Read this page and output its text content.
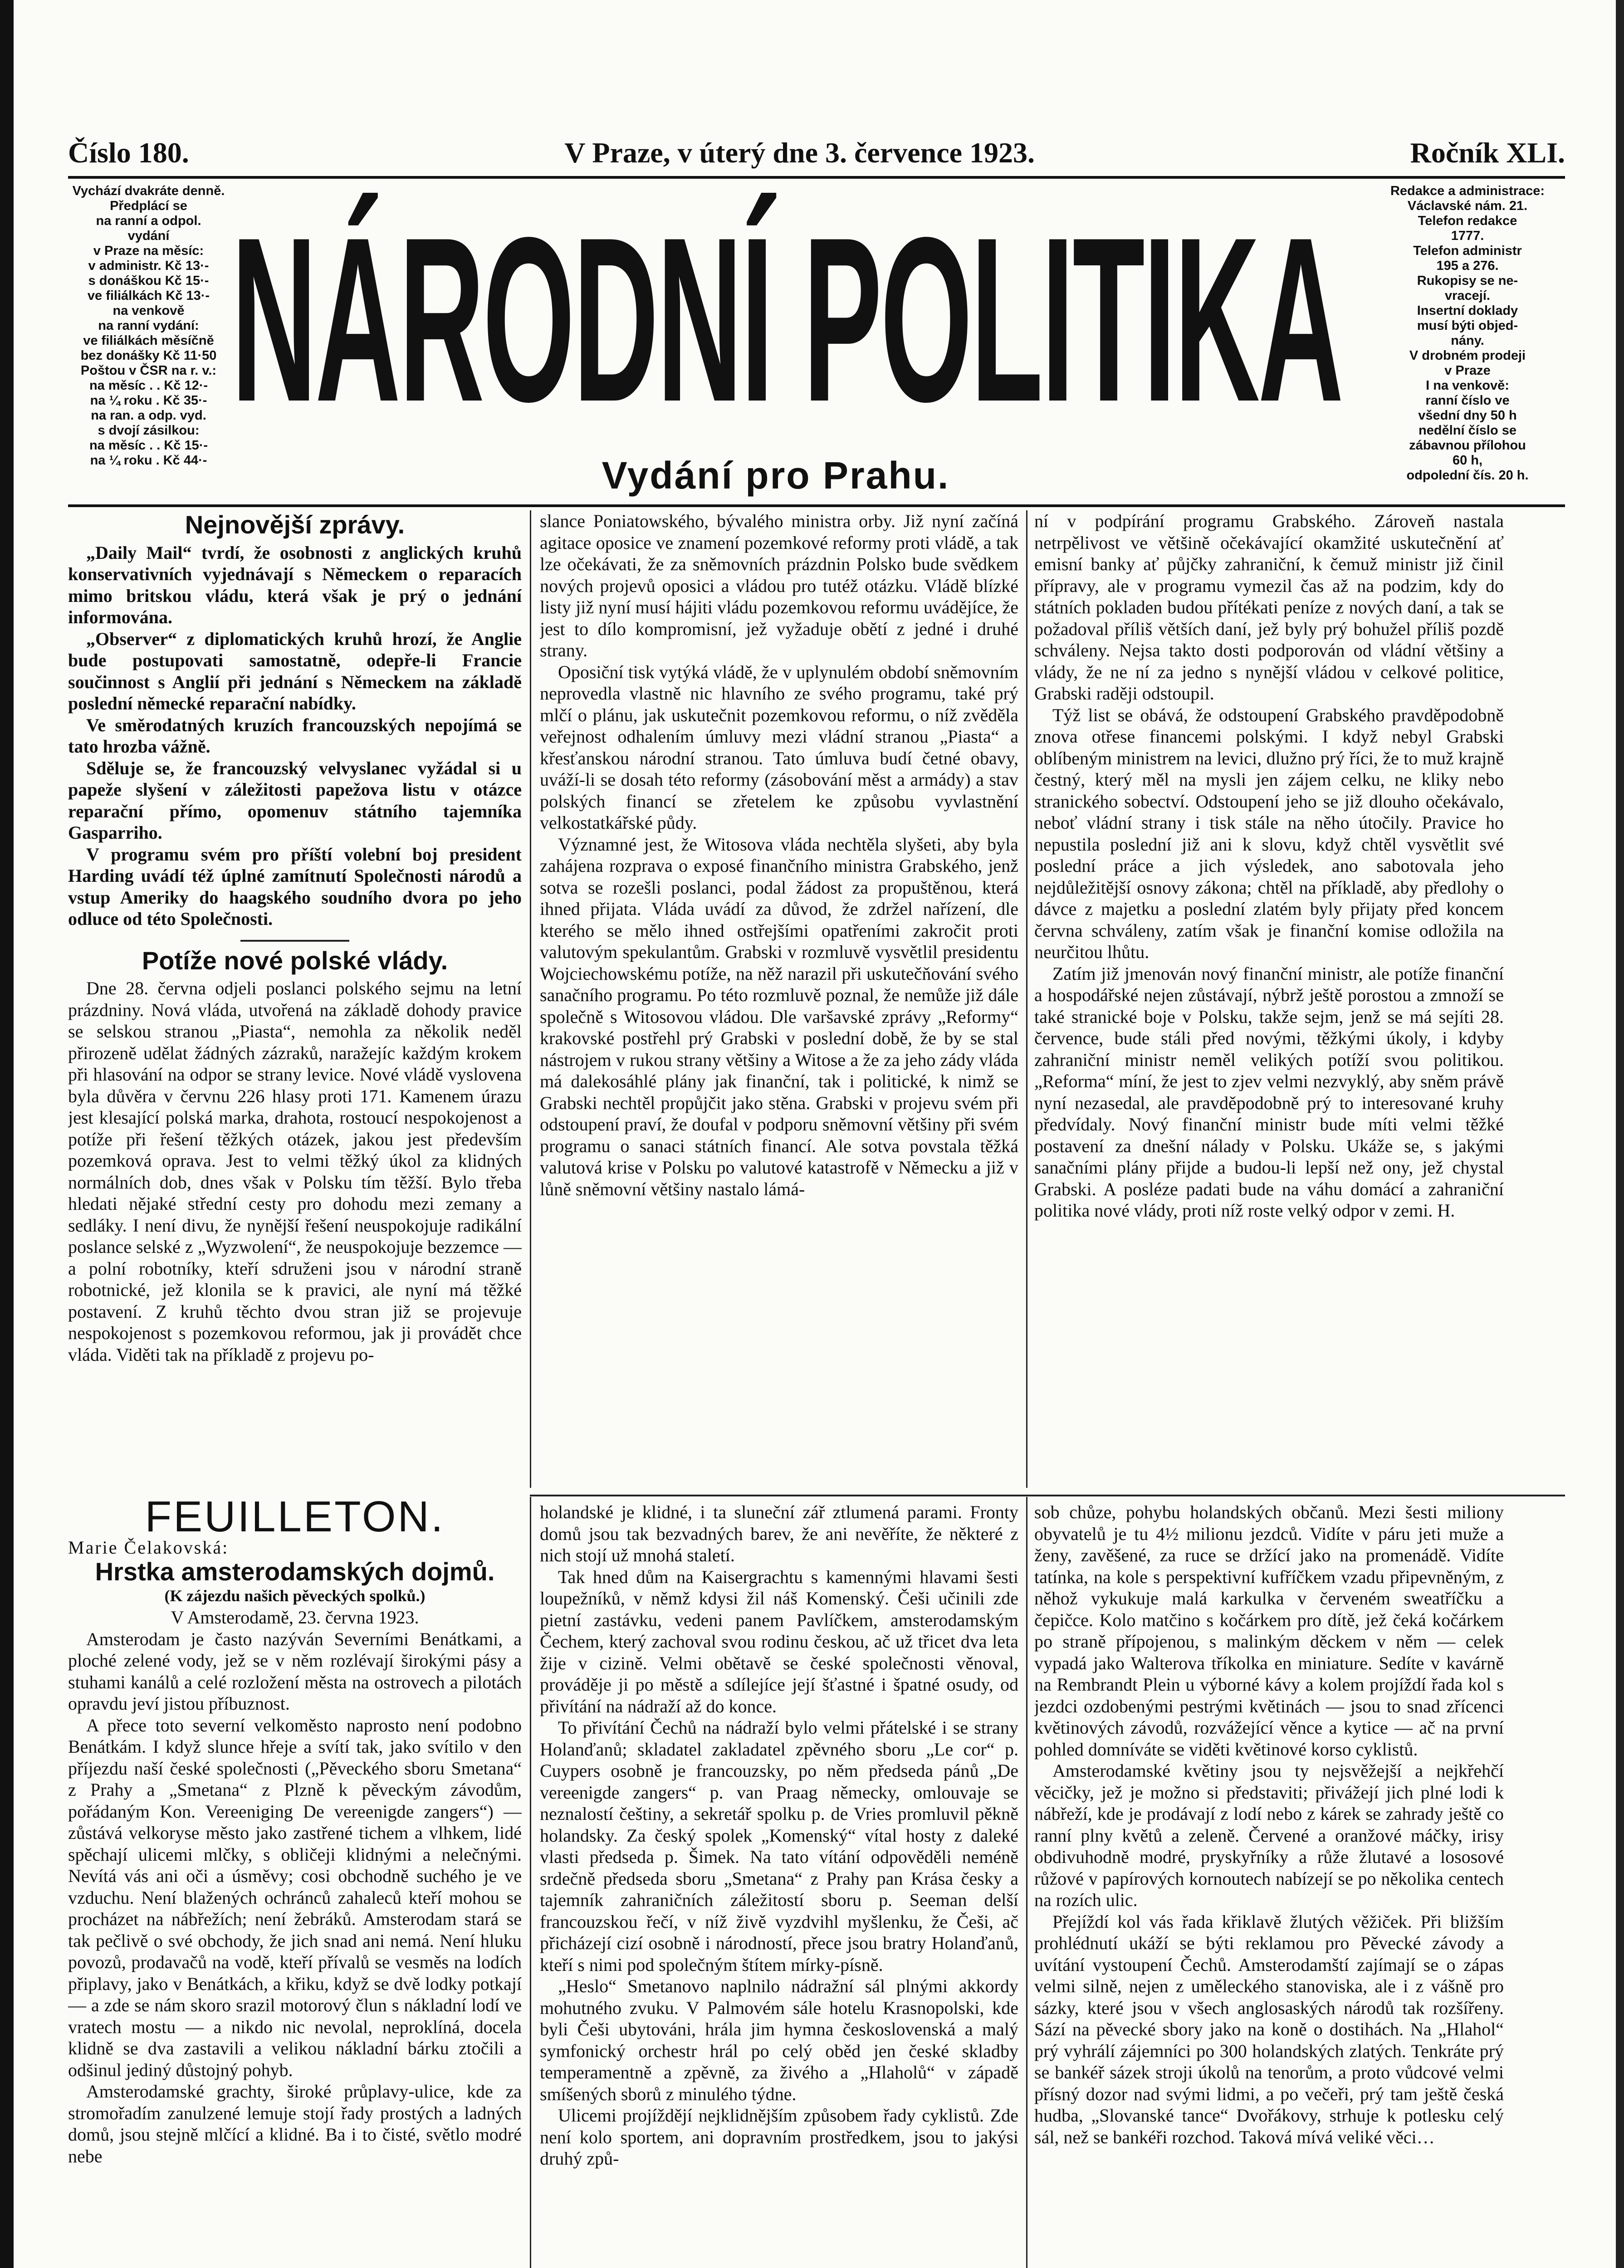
Číslo 180.	V Praze, v úterý dne 3. července 1923.	Ročník XLI.
Vychází dvakráte denně.
Předplácí se
na ranní a odpol.
vydání
v Praze na měsíc:
v administr. Kč 13·-
s donáškou Kč 15·-
ve filiálkách Kč 13·-
na venkově
na ranní vydání:
ve filiálkách měsíčně
bez donášky Kč 11·50
Poštou v ČSR na r. v.:
na měsíc . . Kč 12·-
na ¼ roku . Kč 35·-
na ran. a odp. vyd.
s dvojí zásilkou:
na měsíc . . Kč 15·-
na ¼ roku . Kč 44·-
Redakce a administrace:
Václavské nám. 21.
Telefon redakce
1777.
Telefon administr
195 a 276.
Rukopisy se ne-
vracejí.
Insertní doklady
musí býti objed-
nány.
V drobném prodeji
v Praze
I na venkově:
ranní číslo ve
všední dny 50 h
nedělní číslo se
zábavnou přílohou
60 h,
odpolední čís. 20 h.
NÁRODNÍ POLITIKA
Vydání pro Prahu.
Nejnovější zprávy.

„Daily Mail“ tvrdí, že osobnosti z anglických kruhů konservativních vyjednávají s Německem o reparacích mimo britskou vládu, která však je prý o jednání informována.

„Observer“ z diplomatických kruhů hrozí, že Anglie bude postupovati samostatně, odepře-li Francie součinnost s Anglií při jednání s Německem na základě poslední německé reparační nabídky.

Ve směrodatných kruzích francouzských nepojímá se tato hrozba vážně.

Sděluje se, že francouzský velvyslanec vyžádal si u papeže slyšení v záležitosti papežova listu v otázce reparační přímo, opomenuv státního tajemníka Gasparriho.

V programu svém pro příští volební boj president Harding uvádí též úplné zamítnutí Společnosti národů a vstup Ameriky do haagského soudního dvora po jeho odluce od této Společnosti.

Potíže nové polské vlády.

Dne 28. června odjeli poslanci polského sejmu na letní prázdniny. Nová vláda, utvořená na základě dohody pravice se selskou stranou „Piasta“, nemohla za několik neděl přirozeně udělat žádných zázraků, naražejíc každým krokem při hlasování na odpor se strany levice. Nové vládě vyslovena byla důvěra v červnu 226 hlasy proti 171. Kamenem úrazu jest klesající polská marka, drahota, rostoucí nespokojenost a potíže při řešení těžkých otázek, jakou jest především pozemková oprava. Jest to velmi těžký úkol za klidných normálních dob, dnes však v Polsku tím těžší. Bylo třeba hledati nějaké střední cesty pro dohodu mezi zemany a sedláky. I není divu, že nynější řešení neuspokojuje radikální poslance selské z „Wyzwolení“, že neuspokojuje bezzemce — a polní robotníky, kteří sdruženi jsou v národní straně robotnické, jež klonila se k pravici, ale nyní má těžké postavení. Z kruhů těchto dvou stran již se projevuje nespokojenost s pozemkovou reformou, jak ji provádět chce vláda. Viděti tak na příkladě z projevu po-

slance Poniatowského, bývalého ministra orby. Již nyní začíná agitace oposice ve znamení pozemkové reformy proti vládě, a tak lze očekávati, že za sněmovních prázdnin Polsko bude svědkem nových projevů oposici a vládou pro tutéž otázku. Vládě blízké listy již nyní musí hájiti vládu pozemkovou reformu uvádějíce, že jest to dílo kompromisní, jež vyžaduje obětí z jedné i druhé strany.

Oposiční tisk vytýká vládě, že v uplynulém období sněmovním neprovedla vlastně nic hlavního ze svého programu, také prý mlčí o plánu, jak uskutečnit pozemkovou reformu, o níž zvěděla veřejnost odhalením úmluvy mezi vládní stranou „Piasta“ a křesťanskou národní stranou. Tato úmluva budí četné obavy, uváží-li se dosah této reformy (zásobování měst a armády) a stav polských financí se zřetelem ke způsobu vyvlastnění velkostatkářské půdy.

Významné jest, že Witosova vláda nechtěla slyšeti, aby byla zahájena rozprava o exposé finančního ministra Grabského, jenž sotva se rozešli poslanci, podal žádost za propuštěnou, která ihned přijata. Vláda uvádí za důvod, že zdržel nařízení, dle kterého se mělo ihned ostřejšími opatřeními zakročit proti valutovým spekulantům. Grabski v rozmluvě vysvětlil presidentu Wojciechowskému potíže, na něž narazil při uskutečňování svého sanačního programu. Po této rozmluvě poznal, že nemůže již dále společně s Witosovou vládou. Dle varšavské zprávy „Reformy“ krakovské postřehl prý Grabski v poslední době, že by se stal nástrojem v rukou strany většiny a Witose a že za jeho zády vláda má dalekosáhlé plány jak finanční, tak i politické, k nimž se Grabski nechtěl propůjčit jako stěna. Grabski v projevu svém při odstoupení praví, že doufal v podporu sněmovní většiny při svém programu o sanaci státních financí. Ale sotva povstala těžká valutová krise v Polsku po valutové katastrofě v Německu a již v lůně sněmovní většiny nastalo lámá-

ní v podpírání programu Grabského. Zároveň nastala netrpělivost ve většině očekávající okamžité uskutečnění ať emisní banky ať půjčky zahraniční, k čemuž ministr již činil přípravy, ale v programu vymezil čas až na podzim, kdy do státních pokladen budou přítékati peníze z nových daní, a tak se požadoval příliš větších daní, jež byly prý bohužel příliš pozdě schváleny. Nejsa takto dosti podporován od vládní většiny a vlády, že ne ní za jedno s nynější vládou v celkové politice, Grabski raději odstoupil.

Týž list se obává, že odstoupení Grabského pravděpodobně znova otřese financemi polskými. I když nebyl Grabski oblíbeným ministrem na levici, dlužno prý říci, že to muž krajně čestný, který měl na mysli jen zájem celku, ne kliky nebo stranického sobectví. Odstoupení jeho se již dlouho očekávalo, neboť vládní strany i tisk stále na něho útočily. Pravice ho nepustila poslední již ani k slovu, když chtěl vysvětlit své poslední práce a jich výsledek, ano sabotovala jeho nejdůležitější osnovy zákona; chtěl na příkladě, aby předlohy o dávce z majetku a poslední zlatém byly přijaty před koncem června schváleny, zatím však je finanční komise odložila na neurčitou lhůtu.

Zatím již jmenován nový finanční ministr, ale potíže finanční a hospodářské nejen zůstávají, nýbrž ještě porostou a zmnoží se také stranické boje v Polsku, takže sejm, jenž se má sejíti 28. července, bude stáli před novými, těžkými úkoly, i kdyby zahraniční ministr neměl velikých potíží svou politikou. „Reforma“ míní, že jest to zjev velmi nezvyklý, aby sněm právě nyní nezasedal, ale pravděpodobně prý to interesované kruhy předvídaly. Nový finanční ministr bude míti velmi těžké postavení za dnešní nálady v Polsku. Ukáže se, s jakými sanačními plány přijde a budou-li lepší než ony, jež chystal Grabski. A posléze padati bude na váhu domácí a zahraniční politika nové vlády, proti níž roste velký odpor v zemi. H.

FEUILLETON.

Marie Čelakovská:

Hrstka amsterodamských dojmů.

(K zájezdu našich pěveckých spolků.)

V Amsterodamě, 23. června 1923.

Amsterodam je často nazýván Severními Benátkami, a ploché zelené vody, jež se v něm rozlévají širokými pásy a stuhami kanálů a celé rozložení města na ostrovech a pilotách opravdu jeví jistou příbuznost.

A přece toto severní velkoměsto naprosto není podobno Benátkám. I když slunce hřeje a svítí tak, jako svítilo v den příjezdu naší české společnosti („Pěveckého sboru Smetana“ z Prahy a „Smetana“ z Plzně k pěveckým závodům, pořádaným Kon. Vereeniging De vereenigde zangers“) — zůstává velkoryse město jako zastřené tichem a vlhkem, lidé spěchají ulicemi mlčky, s obličeji klidnými a nelečnými. Nevítá vás ani oči a úsměvy; cosi obchodně suchého je ve vzduchu. Není blažených ochránců zahaleců kteří mohou se procházet na nábřežích; není žebráků. Amsterodam stará se tak pečlivě o své obchody, že jich snad ani nemá. Není hluku povozů, prodavačů na vodě, kteří přívalů se vesměs na lodích připlavy, jako v Benátkách, a křiku, když se dvě lodky potkají — a zde se nám skoro srazil motorový člun s nákladní lodí ve vratech mostu — a nikdo nic nevolal, neproklíná, docela klidně se dva zastavili a velikou nákladní bárku ztočili a odšinul jediný důstojný pohyb.

Amsterodamské grachty, široké průplavy-ulice, kde za stromořadím zanulzené lemuje stojí řady prostých a ladných domů, jsou stejně mlčící a klidné. Ba i to čisté, světlo modré nebe

holandské je klidné, i ta sluneční zář ztlumená parami. Fronty domů jsou tak bezvadných barev, že ani nevěříte, že některé z nich stojí už mnohá staletí.

Tak hned dům na Kaisergrachtu s kamennými hlavami šesti loupežníků, v němž kdysi žil náš Komenský. Češi učinili zde pietní zastávku, vedeni panem Pavlíčkem, amsterodamským Čechem, který zachoval svou rodinu českou, ač už třicet dva leta žije v cizině. Velmi obětavě se české společnosti věnoval, prováděje ji po městě a sdílejíce její šťastné i špatné osudy, od přivítání na nádraží až do konce.

To přivítání Čechů na nádraží bylo velmi přátelské i se strany Holanďanů; skladatel zakladatel zpěvného sboru „Le cor“ p. Cuypers osobně je francouzsky, po něm předseda pánů „De vereenigde zangers“ p. van Praag německy, omlouvaje se neznalostí češtiny, a sekretář spolku p. de Vries promluvil pěkně holandsky. Za český spolek „Komenský“ vítal hosty z daleké vlasti předseda p. Šimek. Na tato vítání odpověděli neméně srdečně předseda sboru „Smetana“ z Prahy pan Krása česky a tajemník zahraničních záležitostí sboru p. Seeman delší francouzskou řečí, v níž živě vyzdvihl myšlenku, že Češi, ač přicházejí cizí osobně i národností, přece jsou bratry Holanďanů, kteří s nimi pod společným štítem mírky-písně.

„Heslo“ Smetanovo naplnilo nádražní sál plnými akkordy mohutného zvuku. V Palmovém sále hotelu Krasnopolski, kde byli Češi ubytováni, hrála jim hymna československá a malý symfonický orchestr hrál po celý oběd jen české skladby temperamentně a zpěvně, za živého a „Hlaholů“ v západě smíšených sborů z minulého týdne.

Ulicemi projíždějí nejklidnějším způsobem řady cyklistů. Zde není kolo sportem, ani dopravním prostředkem, jsou to jakýsi druhý způ-

sob chůze, pohybu holandských občanů. Mezi šesti miliony obyvatelů je tu 4½ milionu jezdců. Vidíte v páru jeti muže a ženy, zavěšené, za ruce se držící jako na promenádě. Vidíte tatínka, na kole s perspektivní kufříčkem vzadu připevněným, z něhož vykukuje malá karkulka v červeném sweatříčku a čepičce. Kolo matčino s kočárkem pro dítě, jež čeká kočárkem po straně přípojenou, s malinkým děckem v něm — celek vypadá jako Walterova tříkolka en miniature. Sedíte v kavárně na Rembrandt Plein u výborné kávy a kolem projíždí řada kol s jezdci ozdobenými pestrými květinách — jsou to snad zřícenci květinových závodů, rozvážející věnce a kytice — ač na první pohled domníváte se viděti květinové korso cyklistů.

Amsterodamské květiny jsou ty nejsvěžejší a nejkřehčí věcičky, jež je možno si představiti; přivážejí jich plné lodi k nábřeží, kde je prodávají z lodí nebo z kárek se zahrady ještě co ranní plny květů a zeleně. Červené a oranžové máčky, irisy obdivuhodně modré, pryskyřníky a růže žlutavé a lososové růžové v papírových kornoutech nabízejí se po několika centech na rozích ulic.

Přejíždí kol vás řada křiklavě žlutých věžiček. Při bližším prohlédnutí ukáží se býti reklamou pro Pěvecké závody a uvítání vystoupení Čechů. Amsterodamští zajímají se o zápas velmi silně, nejen z uměleckého stanoviska, ale i z vášně pro sázky, které jsou v všech anglosaských národů tak rozšířeny. Sází na pěvecké sbory jako na koně o dostihách. Na „Hlahol“ prý vyhrálí zájemníci po 300 holandských zlatých. Tenkráte prý se bankéř sázek stroji úkolů na tenorům, a proto vůdcové velmi přísný dozor nad svými lidmi, a po večeři, prý tam ještě česká hudba, „Slovanské tance“ Dvořákovy, strhuje k potlesku celý sál, než se bankéři rozchod. Taková mívá veliké věci…
